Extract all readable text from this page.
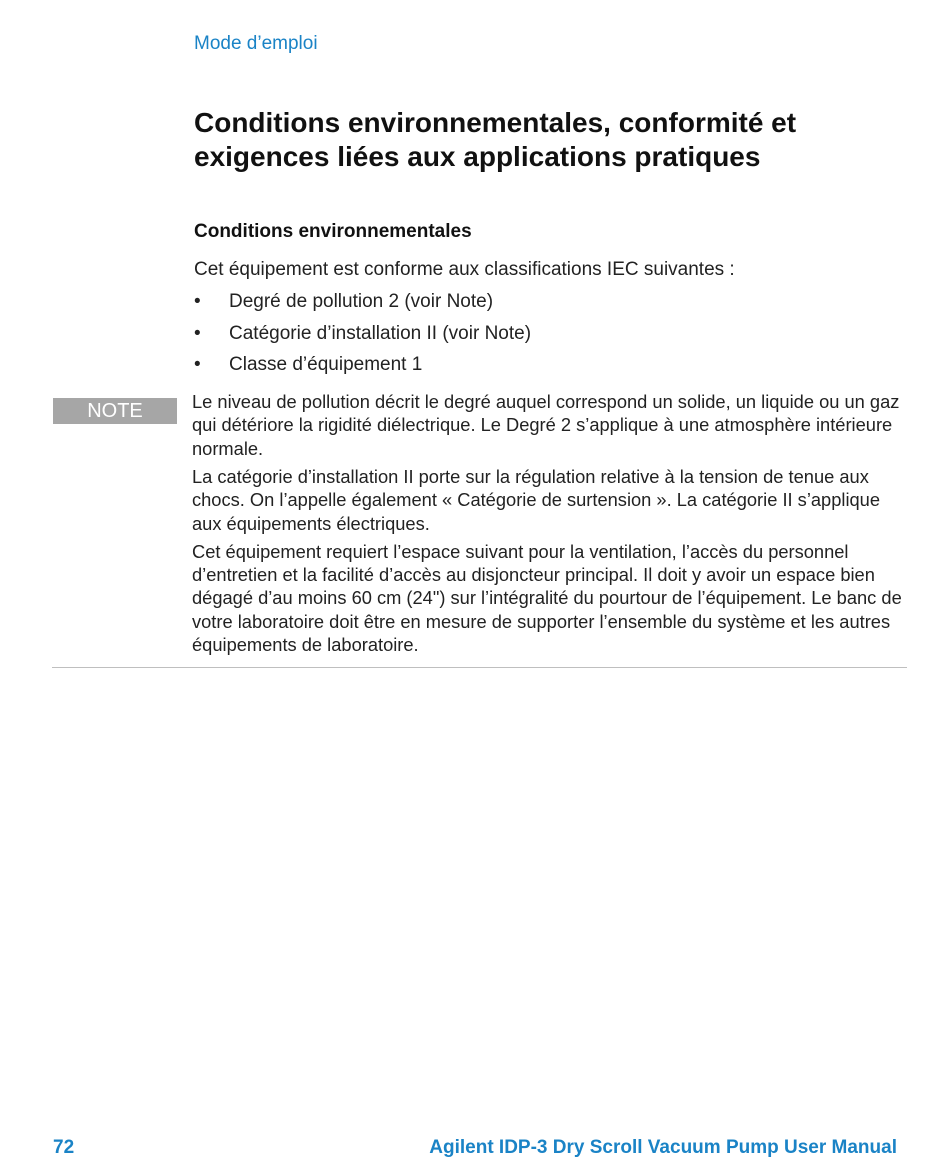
Mode d’emploi
Conditions environnementales, conformité et exigences liées aux applications pratiques
Conditions environnementales

Cet équipement est conforme aux classifications IEC suivantes :

• Degré de pollution 2 (voir Note)
• Catégorie d’installation II (voir Note)
• Classe d’équipement 1
NOTE	Le niveau de pollution décrit le degré auquel correspond un solide, un liquide ou un gaz qui détériore la rigidité diélectrique. Le Degré 2 s’applique à une atmosphère intérieure normale.

La catégorie d’installation II porte sur la régulation relative à la tension de tenue aux chocs. On l’appelle également « Catégorie de surtension ». La catégorie II s’applique aux équipements électriques.

Cet équipement requiert l’espace suivant pour la ventilation, l’accès du personnel d’entretien et la facilité d’accès au disjoncteur principal. Il doit y avoir un espace bien dégagé d’au moins 60 cm (24") sur l’intégralité du pourtour de l’équipement. Le banc de votre laboratoire doit être en mesure de supporter l’ensemble du système et les autres équipements de laboratoire.

72	Agilent IDP-3 Dry Scroll Vacuum Pump User Manual
